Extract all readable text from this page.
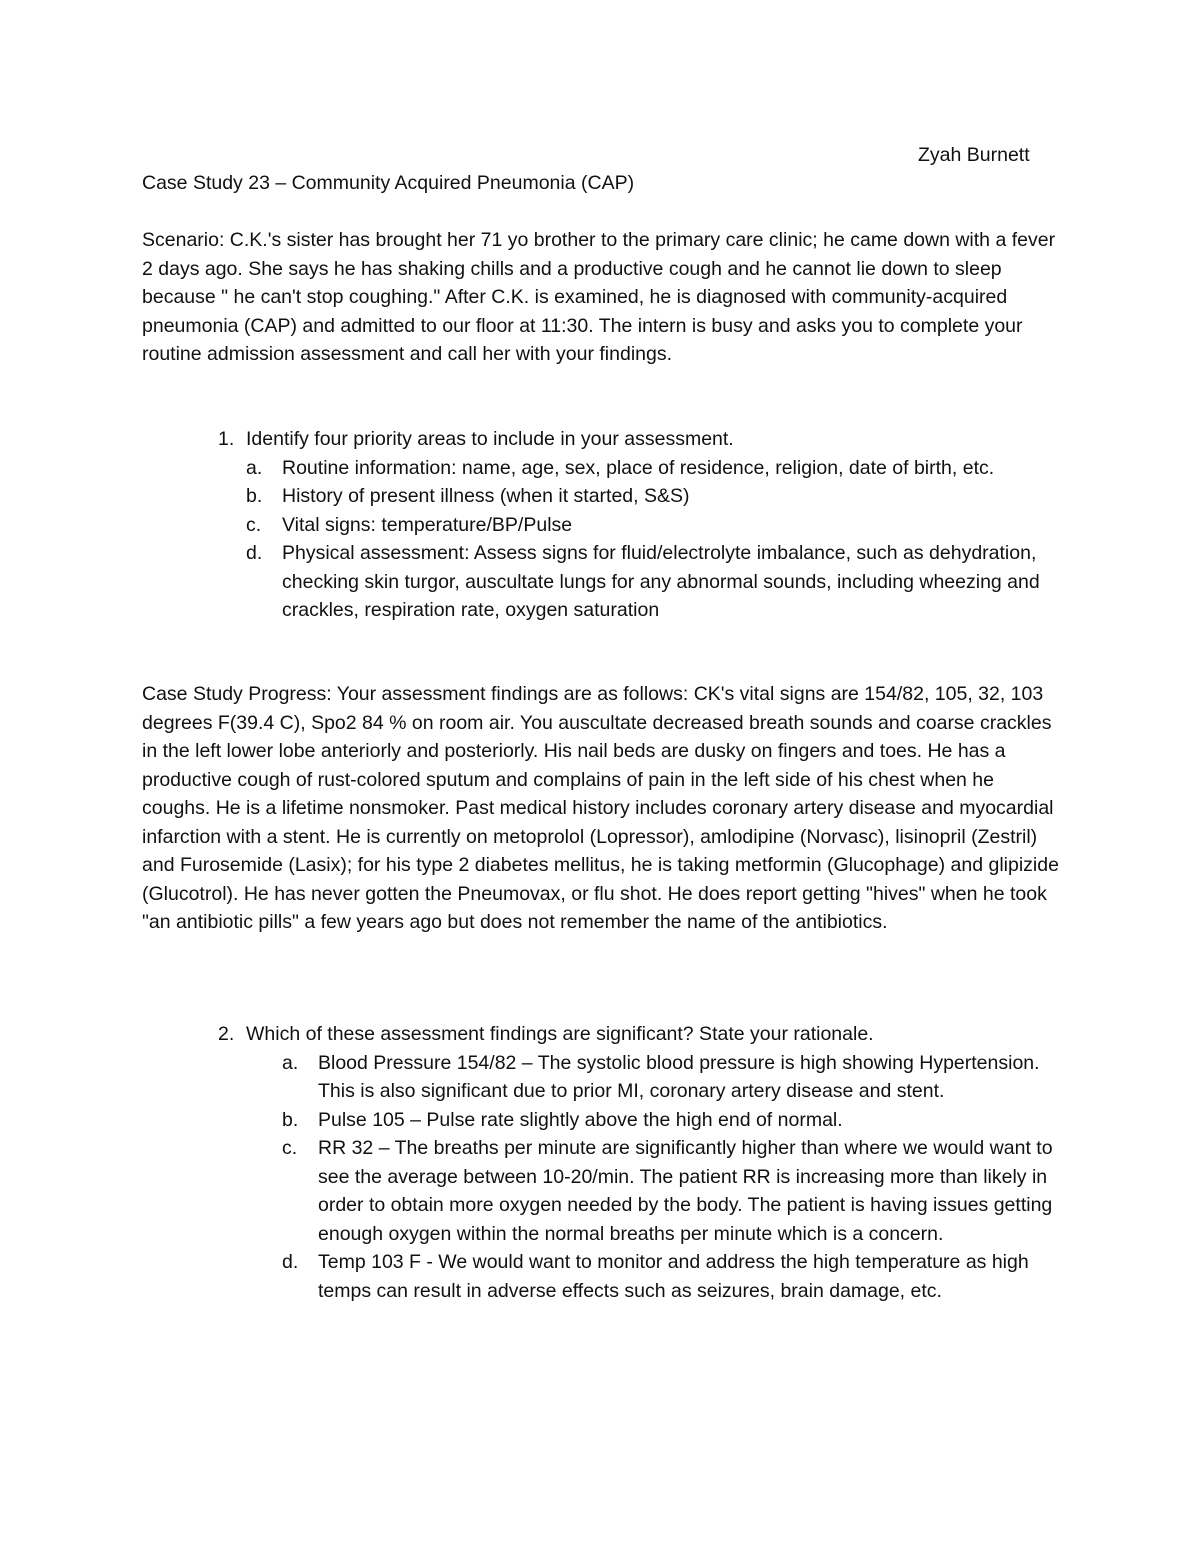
Zyah Burnett
Case Study 23 – Community Acquired Pneumonia (CAP)

Scenario: C.K.'s sister has brought her 71 yo brother to the primary care clinic; he came down with a fever 2 days ago. She says he has shaking chills and a productive cough and he cannot lie down to sleep because " he can't stop coughing." After C.K. is examined, he is diagnosed with community-acquired pneumonia (CAP) and admitted to our floor at 11:30. The intern is busy and asks you to complete your routine admission assessment and call her with your findings.

1. Identify four priority areas to include in your assessment.
a.	Routine information: name, age, sex, place of residence, religion, date of birth, etc.
b.	History of present illness (when it started, S&S)
c.	Vital signs: temperature/BP/Pulse
d.	Physical assessment: Assess signs for fluid/electrolyte imbalance, such as dehydration, checking skin turgor, auscultate lungs for any abnormal sounds, including wheezing and crackles, respiration rate, oxygen saturation

Case Study Progress: Your assessment findings are as follows: CK's vital signs are 154/82, 105, 32, 103 degrees F(39.4 C), Spo2 84 % on room air. You auscultate decreased breath sounds and coarse crackles in the left lower lobe anteriorly and posteriorly. His nail beds are dusky on fingers and toes. He has a productive cough of rust-colored sputum and complains of pain in the left side of his chest when he coughs. He is a lifetime nonsmoker. Past medical history includes coronary artery disease and myocardial infarction with a stent. He is currently on metoprolol (Lopressor), amlodipine (Norvasc), lisinopril (Zestril) and Furosemide (Lasix); for his type 2 diabetes mellitus, he is taking metformin (Glucophage) and glipizide (Glucotrol). He has never gotten the Pneumovax, or flu shot. He does report getting "hives" when he took "an antibiotic pills" a few years ago but does not remember the name of the antibiotics.

2. Which of these assessment findings are significant? State your rationale.
a.	Blood Pressure 154/82 – The systolic blood pressure is high showing Hypertension. This is also significant due to prior MI, coronary artery disease and stent.
b.	Pulse 105 – Pulse rate slightly above the high end of normal.
c.	RR 32 – The breaths per minute are significantly higher than where we would want to see the average between 10-20/min. The patient RR is increasing more than likely in order to obtain more oxygen needed by the body. The patient is having issues getting enough oxygen within the normal breaths per minute which is a concern.
d.	Temp 103 F - We would want to monitor and address the high temperature as high temps can result in adverse effects such as seizures, brain damage, etc.
